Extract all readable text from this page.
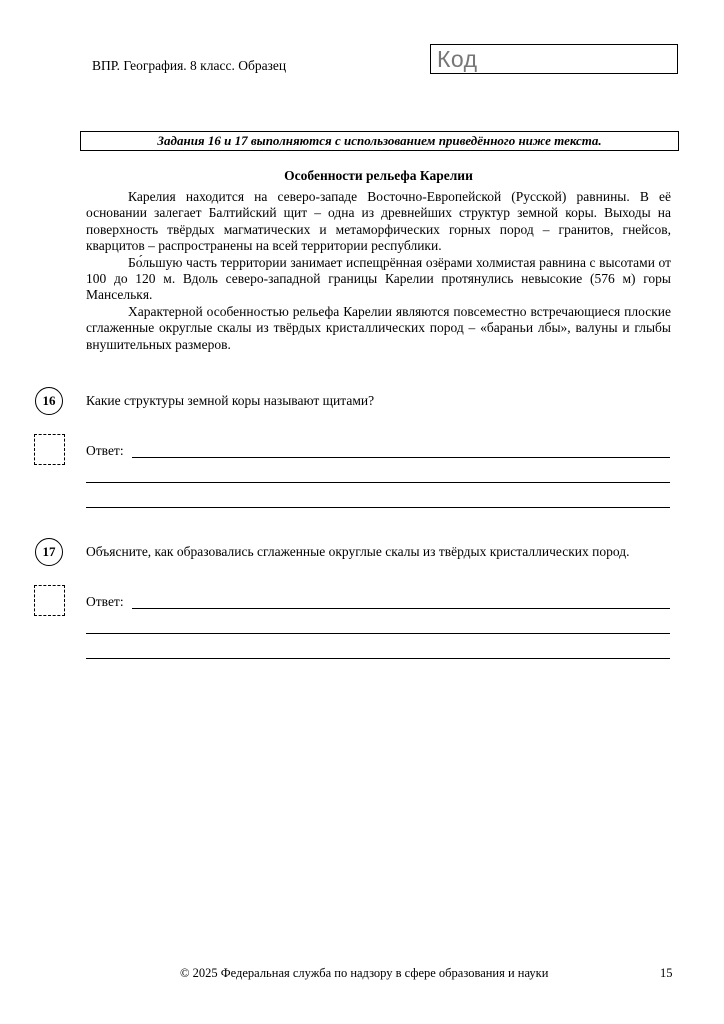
ВПР. География. 8 класс. Образец	Код
Задания 16 и 17 выполняются с использованием приведённого ниже текста.
Особенности рельефа Карелии

Карелия находится на северо-западе Восточно-Европейской (Русской) равнины. В её основании залегает Балтийский щит – одна из древнейших структур земной коры. Выходы на поверхность твёрдых магматических и метаморфических горных пород – гранитов, гнейсов, кварцитов – распространены на всей территории республики.

Бо́льшую часть территории занимает испещрённая озёрами холмистая равнина с высотами от 100 до 120 м. Вдоль северо-западной границы Карелии протянулись невысокие (576 м) горы Манселькя.

Характерной особенностью рельефа Карелии являются повсеместно встречающиеся плоские сглаженные округлые скалы из твёрдых кристаллических пород – «бараньи лбы», валуны и глыбы внушительных размеров.

16	Какие структуры земной коры называют щитами?
Ответ:
17	Объясните, как образовались сглаженные округлые скалы из твёрдых кристаллических пород.
Ответ:
© 2025 Федеральная служба по надзору в сфере образования и науки	15
